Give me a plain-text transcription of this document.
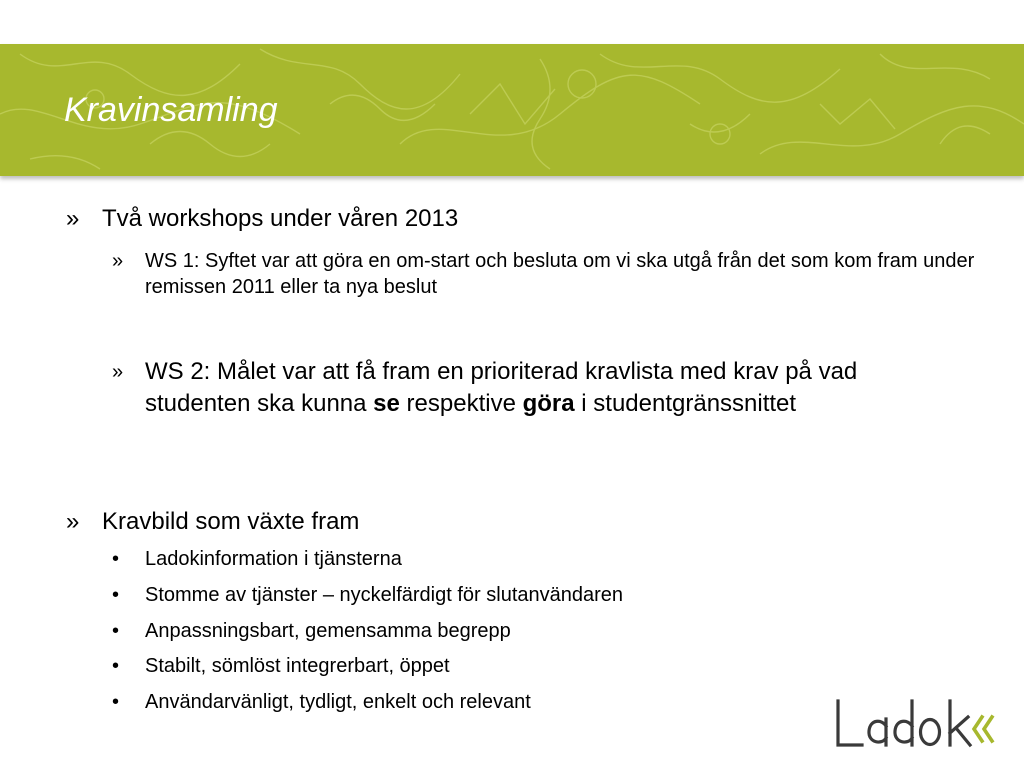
Kravinsamling
» Två workshops under våren 2013
»	WS 1: Syftet var att göra en om-start och besluta om vi ska utgå från det som kom fram under remissen 2011 eller ta nya beslut
» WS 2: Målet var att få fram en prioriterad kravlista med krav på vad studenten ska kunna se respektive göra i studentgränssnittet
» Kravbild som växte fram
•	Ladokinformation i tjänsterna
•	Stomme av tjänster – nyckelfärdigt för slutanvändaren
•	Anpassningsbart, gemensamma begrepp
•	Stabilt, sömlöst integrerbart, öppet
•	Användarvänligt, tydligt, enkelt och relevant
